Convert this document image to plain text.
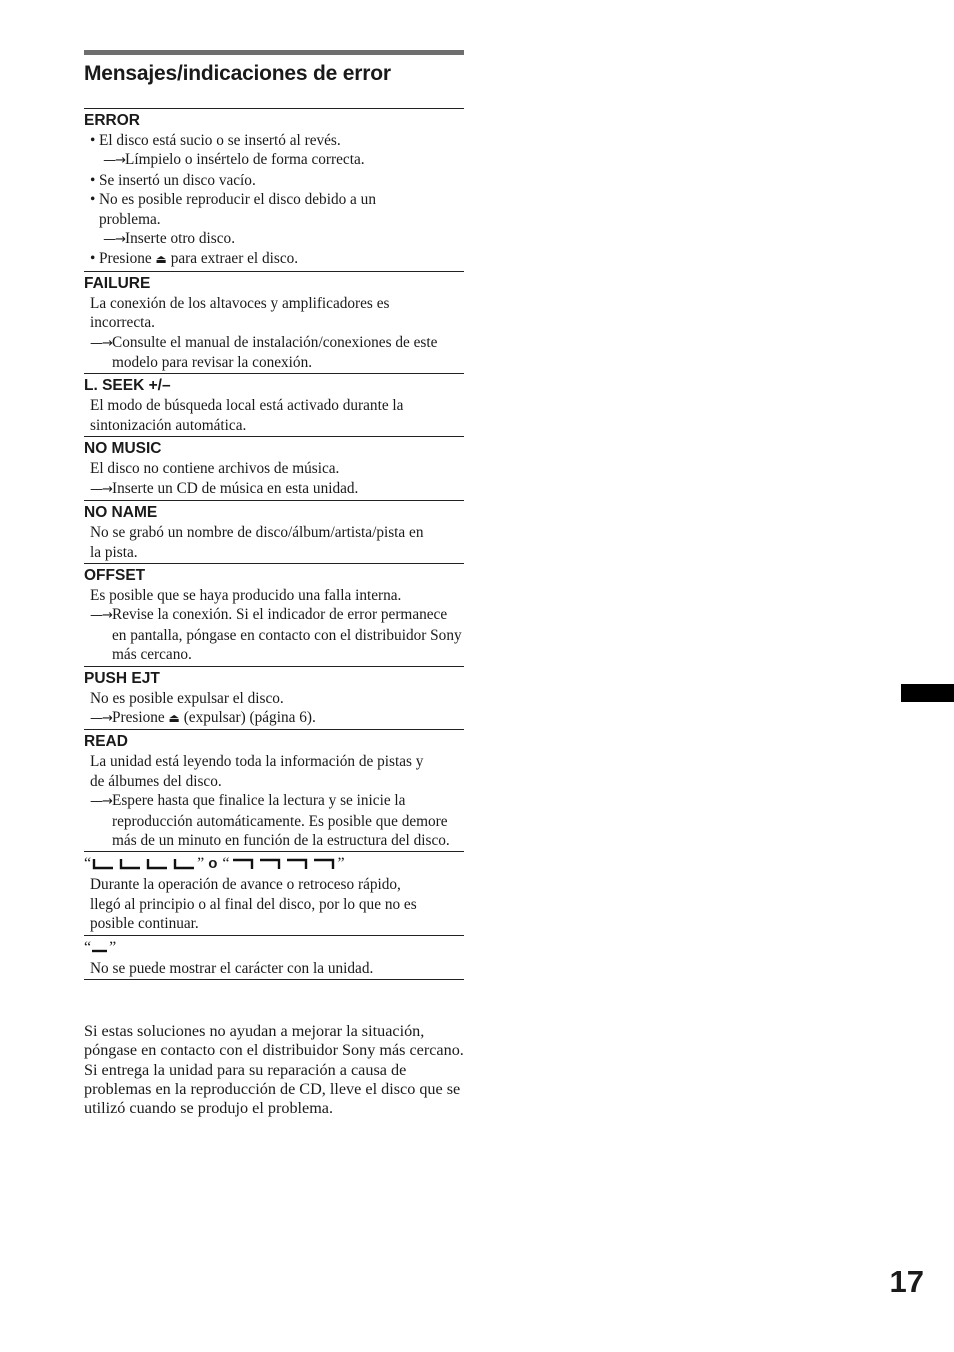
Mensajes/indicaciones de error
ERROR
• El disco está sucio o se insertó al revés.
—→Límpielo o insértelo de forma correcta.
• Se insertó un disco vacío.
• No es posible reproducir el disco debido a un
problema.
—→Inserte otro disco.
• Presione ⏏ para extraer el disco.
FAILURE
La conexión de los altavoces y amplificadores es
incorrecta.
—→Consulte el manual de instalación/conexiones de este modelo para revisar la conexión.
L. SEEK +/–
El modo de búsqueda local está activado durante la
sintonización automática.
NO MUSIC
El disco no contiene archivos de música.
—→Inserte un CD de música en esta unidad.
NO NAME
No se grabó un nombre de disco/álbum/artista/pista en
la pista.
OFFSET
Es posible que se haya producido una falla interna.
—→Revise la conexión. Si el indicador de error permanece en pantalla, póngase en contacto con el distribuidor Sony más cercano.
PUSH EJT
No es posible expulsar el disco.
—→Presione ⏏ (expulsar) (página 6).
READ
La unidad está leyendo toda la información de pistas y
de álbumes del disco.
—→Espere hasta que finalice la lectura y se inicie la reproducción automáticamente. Es posible que demore más de un minuto en función de la estructura del disco.
“	” o “	”
Durante la operación de avance o retroceso rápido,
llegó al principio o al final del disco, por lo que no es
posible continuar.
“ ”
No se puede mostrar el carácter con la unidad.
Si estas soluciones no ayudan a mejorar la situación, póngase en contacto con el distribuidor Sony más cercano.
Si entrega la unidad para su reparación a causa de problemas en la reproducción de CD, lleve el disco que se utilizó cuando se produjo el problema.
17
